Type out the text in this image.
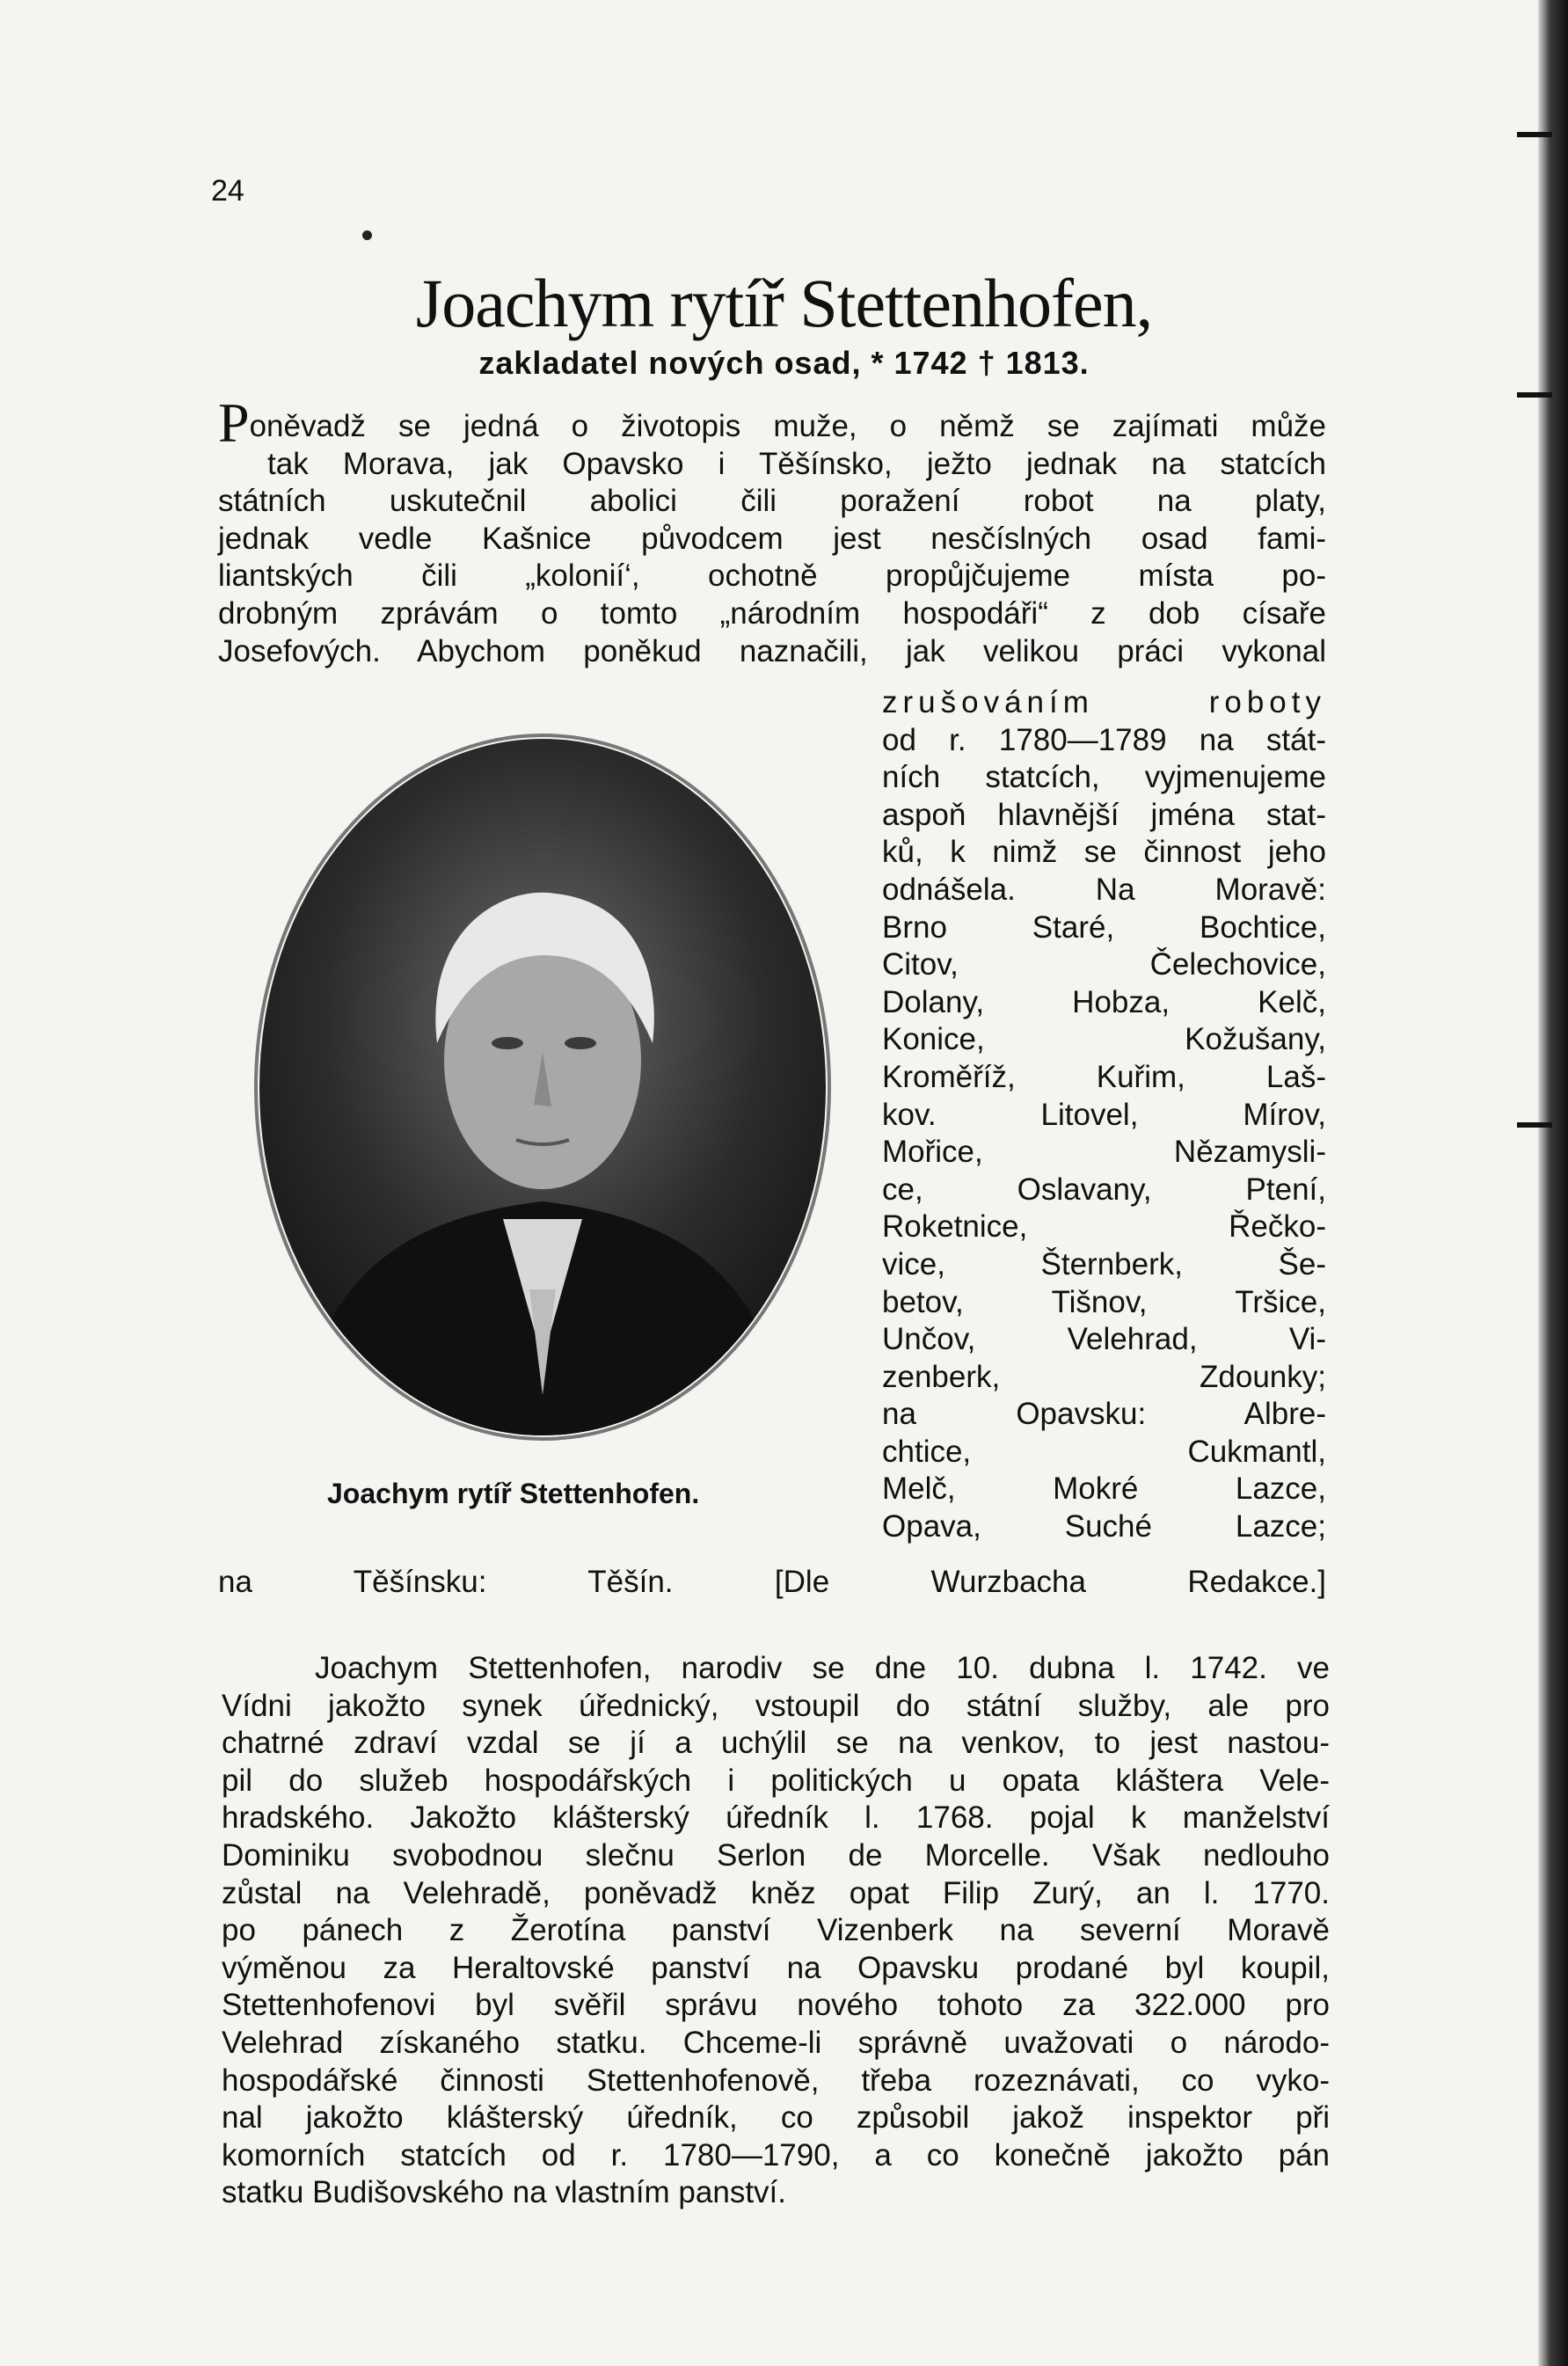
24
Joachym rytíř Stettenhofen,
zakladatel nových osad, * 1742 † 1813.
Poněvadž se jedná o životopis muže, o němž se zajímati může
tak Morava, jak Opavsko i Těšínsko, ježto jednak na statcích
státních uskutečnil abolici čili poražení robot na platy,
jednak vedle Kašnice původcem jest nesčíslných osad fami-
liantských čili „kolonií‘, ochotně propůjčujeme místa po-
drobným zprávám o tomto „národním hospodáři“ z dob císaře
Josefových. Abychom poněkud naznačili, jak velikou práci vykonal
zrušováním roboty
od r. 1780—1789 na stát-
ních statcích, vyjmenujeme
aspoň hlavnější jména stat-
ků, k nimž se činnost jeho
odnášela. Na Moravě:
Brno Staré, Bochtice,
Citov, Čelechovice,
Dolany, Hobza, Kelč,
Konice, Kožušany,
Kroměříž, Kuřim, Laš-
kov. Litovel, Mírov,
Mořice, Nězamysli-
ce, Oslavany, Ptení,
Roketnice, Řečko-
vice, Šternberk, Še-
betov, Tišnov, Tršice,
Unčov, Velehrad, Vi-
zenberk, Zdounky;
na Opavsku: Albre-
chtice, Cukmantl,
Melč, Mokré Lazce,
Opava, Suché Lazce;
Joachym rytíř Stettenhofen.
na Těšínsku: Těšín. [Dle Wurzbacha Redakce.]
Joachym Stettenhofen, narodiv se dne 10. dubna l. 1742. ve
Vídni jakožto synek úřednický, vstoupil do státní služby, ale pro
chatrné zdraví vzdal se jí a uchýlil se na venkov, to jest nastou-
pil do služeb hospodářských i politických u opata kláštera Vele-
hradského. Jakožto klášterský úředník l. 1768. pojal k manželství
Dominiku svobodnou slečnu Serlon de Morcelle. Však nedlouho
zůstal na Velehradě, poněvadž kněz opat Filip Zurý, an l. 1770.
po pánech z Žerotína panství Vizenberk na severní Moravě
výměnou za Heraltovské panství na Opavsku prodané byl koupil,
Stettenhofenovi byl svěřil správu nového tohoto za 322.000 pro
Velehrad získaného statku. Chceme-li správně uvažovati o národo-
hospodářské činnosti Stettenhofenově, třeba rozeznávati, co vyko-
nal jakožto klášterský úředník, co způsobil jakož inspektor při
komorních statcích od r. 1780—1790, a co konečně jakožto pán
statku Budišovského na vlastním panství.
